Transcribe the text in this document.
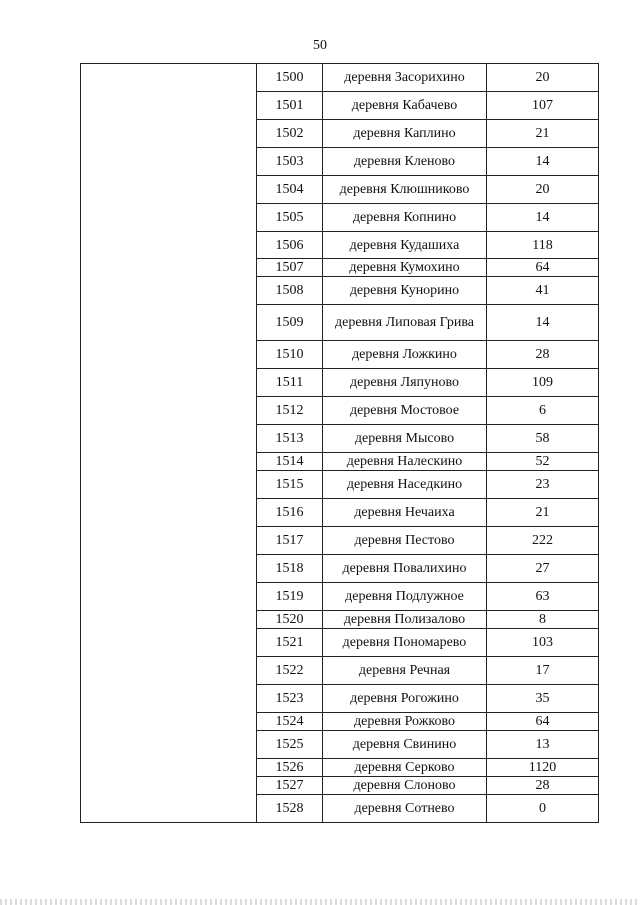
50
	1500	деревня Засорихино	20
	1501	деревня Кабачево	107
	1502	деревня Каплино	21
	1503	деревня Кленово	14
	1504	деревня Клюшниково	20
	1505	деревня Копнино	14
	1506	деревня Кудашиха	118
	1507	деревня Кумохино	64
	1508	деревня Кунорино	41
	1509	деревня Липовая Грива	14
	1510	деревня Ложкино	28
	1511	деревня Ляпуново	109
	1512	деревня Мостовое	6
	1513	деревня Мысово	58
	1514	деревня Налескино	52
	1515	деревня Наседкино	23
	1516	деревня Нечаиха	21
	1517	деревня Пестово	222
	1518	деревня Повалихино	27
	1519	деревня Подлужное	63
	1520	деревня Полизалово	8
	1521	деревня Пономарево	103
	1522	деревня Речная	17
	1523	деревня Рогожино	35
	1524	деревня Рожково	64
	1525	деревня Свинино	13
	1526	деревня Серково	1120
	1527	деревня Слоново	28
	1528	деревня Сотнево	0
